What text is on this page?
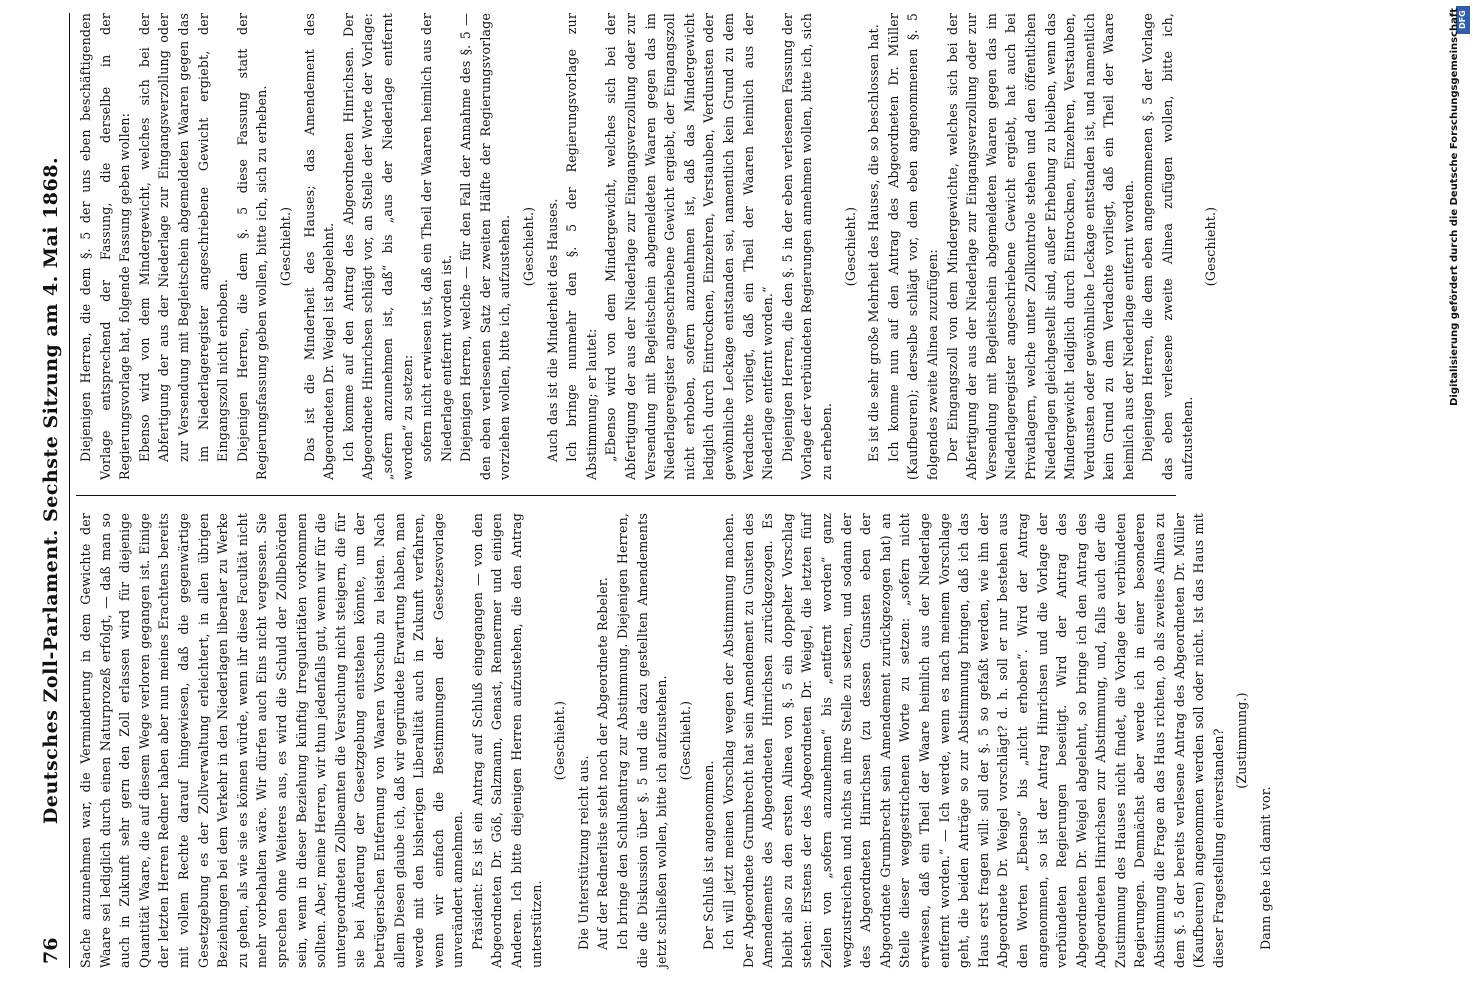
76
Deutsches Zoll-Parlament. Sechste Sitzung am 4. Mai 1868.	Sache anzunehmen war, die Verminderung in dem Gewichte der Waare sei lediglich durch einen Naturprozeß erfolgt, — daß man so auch in Zukunft sehr gern den Zoll erlassen wird für diejenige Quantität Waare, die auf diesem Wege verloren gegangen ist. Einige der letzten Herren Redner haben aber nun meines Erachtens bereits mit vollem Rechte darauf hingewiesen, daß die gegenwärtige Gesetzgebung es der Zollverwaltung erleichtert, in allen übrigen Beziehungen bei dem Verkehr in den Niederlagen liberaler zu Werke zu gehen, als wie sie es können würde, wenn ihr diese Facultät nicht mehr vorbehalten wäre. Wir dürfen auch Eins nicht vergessen. Sie sprechen ohne Weiteres aus, es wird die Schuld der Zollbehörden sein, wenn in dieser Beziehung künftig Irregularitäten vorkommen sollten. Aber, meine Herren, wir thun jedenfalls gut, wenn wir für die untergeordneten Zollbeamten die Versuchung nicht steigern, die für sie bei Änderung der Gesetzgebung entstehen könnte, um der betrügerischen Entfernung von Waaren Vorschub zu leisten. Nach allem Diesen glaube ich, daß wir gegründete Erwartung haben, man werde mit den bisherigen Liberalität auch in Zukunft verfahren, wenn wir einfach die Bestimmungen der Gesetzesvorlage unverändert annehmen. Präsident: Es ist ein Antrag auf Schluß eingegangen — von den Abgeordneten Dr. Göß, Salzmann, Genast, Rennermer und einigen Anderen. Ich bitte diejenigen Herren aufzustehen, die den Antrag unterstützen.

(Geschieht.)

Die Unterstützung reicht aus. Auf der Rednerliste steht noch der Abgeordnete Rebeler. Ich bringe den Schlußantrag zur Abstimmung. Diejenigen Herren, die die Diskussion über §. 5 und die dazu gestellten Amendements jetzt schließen wollen, bitte ich aufzustehen. (Geschieht.)

Der Schluß ist angenommen. Ich will jetzt meinen Vorschlag wegen der Abstimmung machen. Der Abgeordnete Grumbrecht hat sein Amendement zu Gunsten des Amendements des Abgeordneten Hinrichsen zurückgezogen. Es bleibt also zu den ersten Alinea von §. 5 ein doppelter Vorschlag stehen: Erstens der des Abgeordneten Dr. Weigel, die letzten fünf Zeilen von „sofern anzunehmen“ bis „entfernt worden“ ganz wegzustreichen und nichts an ihre Stelle zu setzen, und sodann der des Abgeordneten Hinrichsen (zu dessen Gunsten eben der Abgeordnete Grumbrecht sein Amendement zurückgezogen hat) an Stelle dieser weggestrichenen Worte zu setzen: „sofern nicht erwiesen, daß ein Theil der Waare heimlich aus der Niederlage entfernt worden.“ — Ich werde, wenn es nach meinem Vorschlage geht, die beiden Anträge so zur Abstimmung bringen, daß ich das Haus erst fragen will: soll der §. 5 so gefaßt werden, wie ihn der Abgeordnete Dr. Weigel vorschlägt? d. h. soll er nur bestehen aus den Worten „Ebenso“ bis „nicht erhoben“. Wird der Antrag angenommen, so ist der Antrag Hinrichsen und die Vorlage der verbündeten Regierungen beseitigt. Wird der Antrag des Abgeordneten Dr. Weigel abgelehnt, so bringe ich den Antrag des Abgeordneten Hinrichsen zur Abstimmung, und, falls auch der die Zustimmung des Hauses nicht findet, die Vorlage der verbündeten Regierungen. Demnächst aber werde ich in einer besonderen Abstimmung die Frage an das Haus richten, ob als zweites Alinea zu dem §. 5 der bereits verlesene Antrag des Abgeordneten Dr. Müller (Kaufbeuren) angenommen werden soll oder nicht. Ist das Haus mit dieser Fragestellung einverstanden? (Zustimmung.)

Dann gehe ich damit vor.

Diejenigen Herren, die dem §. 5 der uns eben beschäftigenden Vorlage entsprechend der Fassung, die derselbe in der Regierungsvorlage hat, folgende Fassung geben wollen: Ebenso wird von dem Mindergewicht, welches sich bei der Abfertigung der aus der Niederlage zur Eingangsverzollung oder zur Versendung mit Begleitschein abgemeldeten Waaren gegen das im Niederlageregister angeschriebene Gewicht ergiebt, der Eingangszoll nicht erhoben. Diejenigen Herren, die dem §. 5 diese Fassung statt der Regierungsfassung geben wollen, bitte ich, sich zu erheben. (Geschieht.) Das ist die Minderheit des Hauses; das Amendement des Abgeordneten Dr. Weigel ist abgelehnt. Ich komme auf den Antrag des Abgeordneten Hinrichsen. Der Abgeordnete Hinrichsen schlägt vor, an Stelle der Worte der Vorlage: „sofern anzunehmen ist, daß“ bis „aus der Niederlage entfernt worden“ zu setzen: sofern nicht erwiesen ist, daß ein Theil der Waaren heimlich aus der Niederlage entfernt worden ist. Diejenigen Herren, welche — für den Fall der Annahme des §. 5 — den eben verlesenen Satz der zweiten Hälfte der Regierungsvorlage vorziehen wollen, bitte ich, aufzustehen. (Geschieht.) Auch das ist die Minderheit des Hauses. Ich bringe nunmehr den §. 5 der Regierungsvorlage zur Abstimmung; er lautet: „Ebenso wird von dem Mindergewicht, welches sich bei der Abfertigung der aus der Niederlage zur Eingangsverzollung oder zur Versendung mit Begleitschein abgemeldeten Waaren gegen das im Niederlageregister angeschriebene Gewicht ergiebt, der Eingangszoll nicht erhoben, sofern anzunehmen ist, daß das Mindergewicht lediglich durch Eintrocknen, Einzehren, Verstauben, Verdunsten oder gewöhnliche Leckage entstanden sei, namentlich kein Grund zu dem Verdachte vorliegt, daß ein Theil der Waaren heimlich aus der Niederlage entfernt worden.“ Diejenigen Herren, die den §. 5 in der eben verlesenen Fassung der Vorlage der verbündeten Regierungen annehmen wollen, bitte ich, sich zu erheben.

(Geschieht.) Es ist die sehr große Mehrheit des Hauses, die so beschlossen hat. Ich komme nun auf den Antrag des Abgeordneten Dr. Müller (Kaufbeuren); derselbe schlägt vor, dem eben angenommenen §. 5 folgendes zweite Alinea zuzufügen: Der Eingangszoll von dem Mindergewichte, welches sich bei der Abfertigung der aus der Niederlage zur Eingangsverzollung oder zur Versendung mit Begleitschein abgemeldeten Waaren gegen das im Niederlageregister angeschriebene Gewicht ergiebt, hat auch bei Privatlagern, welche unter Zollkontrole stehen und den öffentlichen Niederlagen gleichgestellt sind, außer Erhebung zu bleiben, wenn das Mindergewicht lediglich durch Eintrocknen, Einzehren, Verstauben, Verdunsten oder gewöhnliche Leckage entstanden ist, und namentlich kein Grund zu dem Verdachte vorliegt, daß ein Theil der Waare heimlich aus der Niederlage entfernt worden. Diejenigen Herren, die dem eben angenommenen §. 5 der Vorlage das eben verlesene zweite Alinea zufügen wollen, bitte ich, aufzustehen.

(Geschieht.)

DFG
Digitalisierung gefördert durch die Deutsche Forschungsgemeinschaft
